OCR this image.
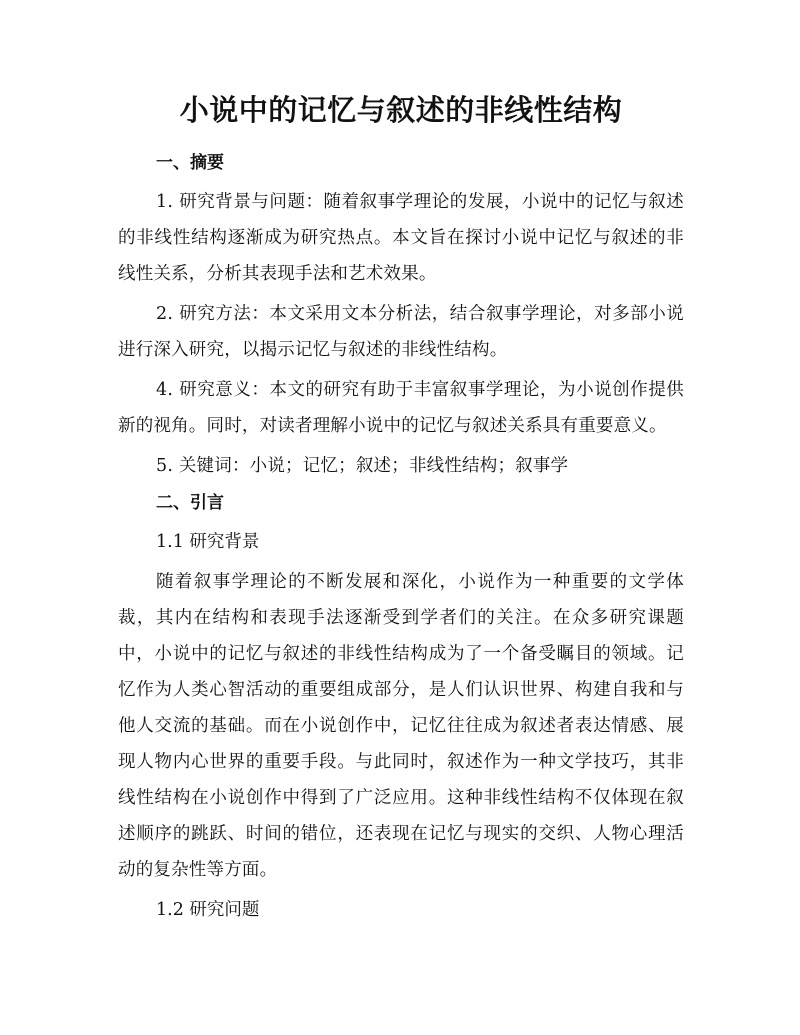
小说中的记忆与叙述的非线性结构
一、摘要

1. 研究背景与问题：随着叙事学理论的发展，小说中的记忆与叙述的非线性结构逐渐成为研究热点。本文旨在探讨小说中记忆与叙述的非线性关系，分析其表现手法和艺术效果。

2. 研究方法：本文采用文本分析法，结合叙事学理论，对多部小说进行深入研究，以揭示记忆与叙述的非线性结构。

4. 研究意义：本文的研究有助于丰富叙事学理论，为小说创作提供新的视角。同时，对读者理解小说中的记忆与叙述关系具有重要意义。

5. 关键词：小说；记忆；叙述；非线性结构；叙事学

二、引言
1.1 研究背景

随着叙事学理论的不断发展和深化，小说作为一种重要的文学体裁，其内在结构和表现手法逐渐受到学者们的关注。在众多研究课题中，小说中的记忆与叙述的非线性结构成为了一个备受瞩目的领域。记忆作为人类心智活动的重要组成部分，是人们认识世界、构建自我和与他人交流的基础。而在小说创作中，记忆往往成为叙述者表达情感、展现人物内心世界的重要手段。与此同时，叙述作为一种文学技巧，其非线性结构在小说创作中得到了广泛应用。这种非线性结构不仅体现在叙述顺序的跳跃、时间的错位，还表现在记忆与现实的交织、人物心理活动的复杂性等方面。

1.2 研究问题
